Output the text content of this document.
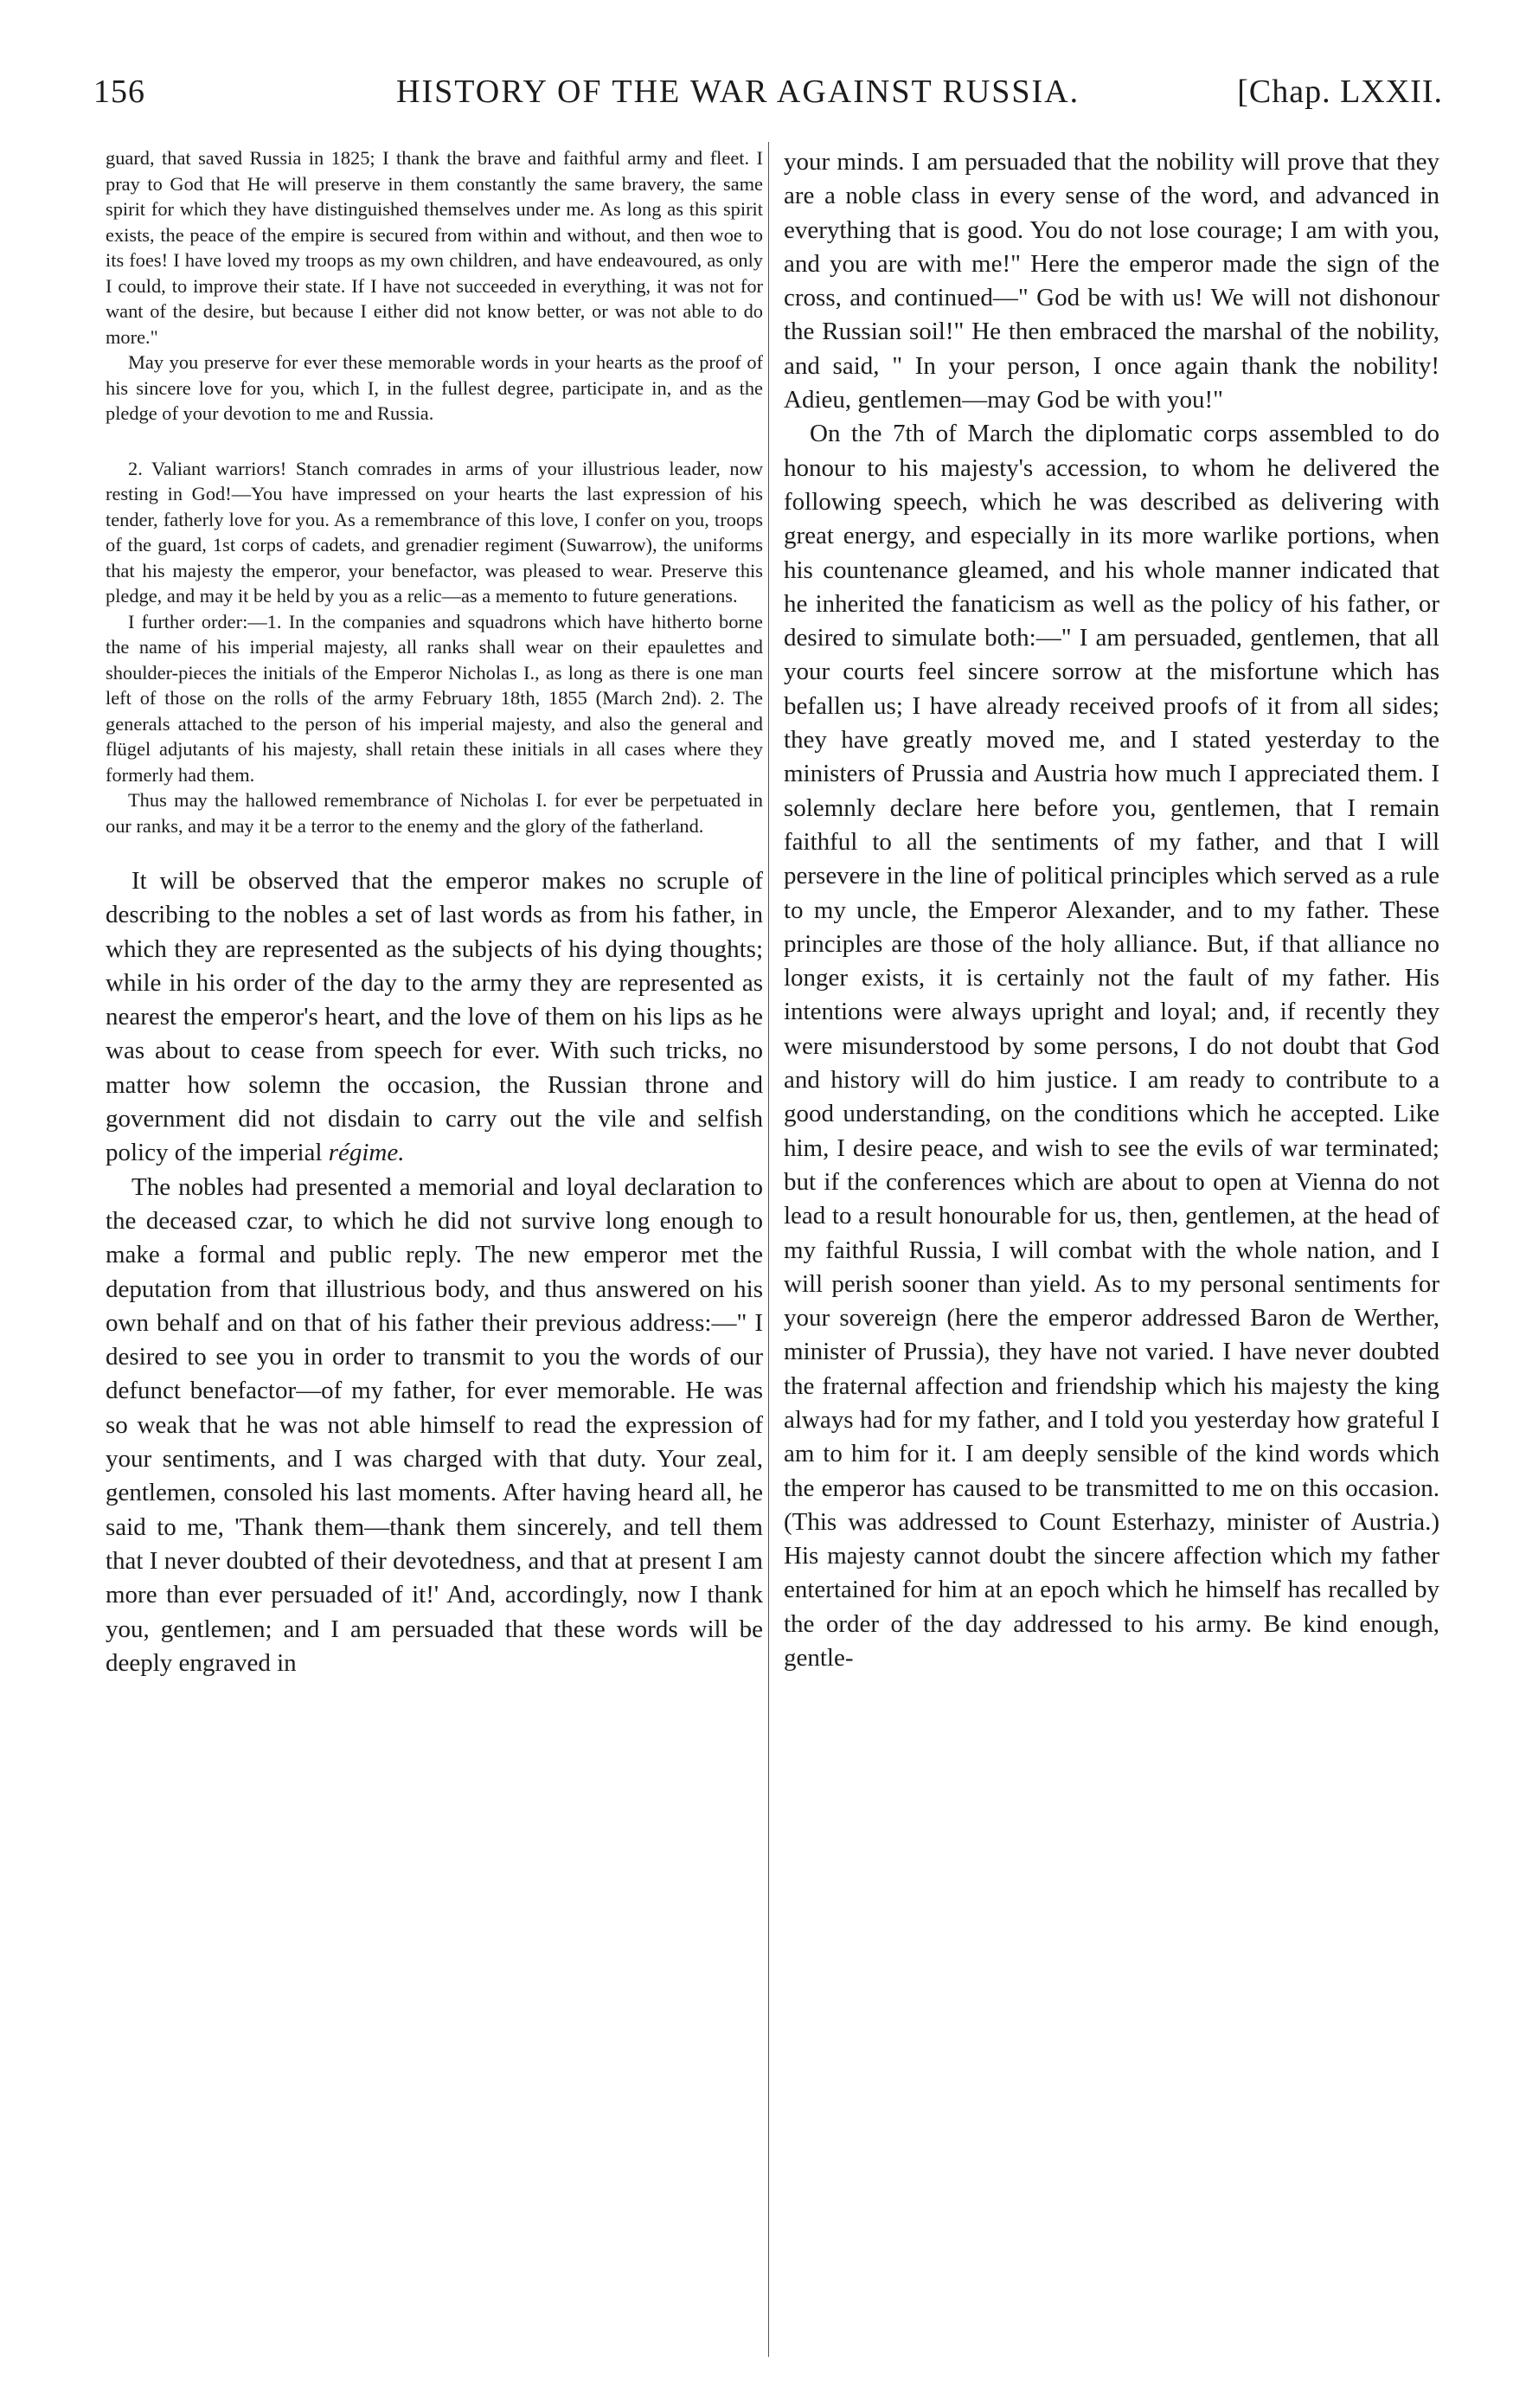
156	HISTORY OF THE WAR AGAINST RUSSIA.	[Chap. LXXII.

guard, that saved Russia in 1825; I thank the brave and faithful army and fleet. I pray to God that He will preserve in them constantly the same bravery, the same spirit for which they have distinguished themselves under me. As long as this spirit exists, the peace of the empire is secured from within and without, and then woe to its foes! I have loved my troops as my own children, and have endeavoured, as only I could, to improve their state. If I have not succeeded in everything, it was not for want of the desire, but because I either did not know better, or was not able to do more."

May you preserve for ever these memorable words in your hearts as the proof of his sincere love for you, which I, in the fullest degree, participate in, and as the pledge of your devotion to me and Russia.

2. Valiant warriors! Stanch comrades in arms of your illustrious leader, now resting in God!—You have impressed on your hearts the last expression of his tender, fatherly love for you. As a remembrance of this love, I confer on you, troops of the guard, 1st corps of cadets, and grenadier regiment (Suwarrow), the uniforms that his majesty the emperor, your benefactor, was pleased to wear. Preserve this pledge, and may it be held by you as a relic—as a memento to future generations.

I further order:—1. In the companies and squadrons which have hitherto borne the name of his imperial majesty, all ranks shall wear on their epaulettes and shoulder-pieces the initials of the Emperor Nicholas I., as long as there is one man left of those on the rolls of the army February 18th, 1855 (March 2nd). 2. The generals attached to the person of his imperial majesty, and also the general and flügel adjutants of his majesty, shall retain these initials in all cases where they formerly had them.

Thus may the hallowed remembrance of Nicholas I. for ever be perpetuated in our ranks, and may it be a terror to the enemy and the glory of the fatherland.

It will be observed that the emperor makes no scruple of describing to the nobles a set of last words as from his father, in which they are represented as the subjects of his dying thoughts; while in his order of the day to the army they are represented as nearest the emperor's heart, and the love of them on his lips as he was about to cease from speech for ever. With such tricks, no matter how solemn the occasion, the Russian throne and government did not disdain to carry out the vile and selfish policy of the imperial régime.

The nobles had presented a memorial and loyal declaration to the deceased czar, to which he did not survive long enough to make a formal and public reply. The new emperor met the deputation from that illustrious body, and thus answered on his own behalf and on that of his father their previous address:—" I desired to see you in order to transmit to you the words of our defunct benefactor—of my father, for ever memorable. He was so weak that he was not able himself to read the expression of your sentiments, and I was charged with that duty. Your zeal, gentlemen, consoled his last moments. After having heard all, he said to me, 'Thank them—thank them sincerely, and tell them that I never doubted of their devotedness, and that at present I am more than ever persuaded of it!' And, accordingly, now I thank you, gentlemen; and I am persuaded that these words will be deeply engraved in

your minds. I am persuaded that the nobility will prove that they are a noble class in every sense of the word, and advanced in everything that is good. You do not lose courage; I am with you, and you are with me!" Here the emperor made the sign of the cross, and continued—" God be with us! We will not dishonour the Russian soil!" He then embraced the marshal of the nobility, and said, " In your person, I once again thank the nobility! Adieu, gentlemen—may God be with you!"

On the 7th of March the diplomatic corps assembled to do honour to his majesty's accession, to whom he delivered the following speech, which he was described as delivering with great energy, and especially in its more warlike portions, when his countenance gleamed, and his whole manner indicated that he inherited the fanaticism as well as the policy of his father, or desired to simulate both:—" I am persuaded, gentlemen, that all your courts feel sincere sorrow at the misfortune which has befallen us; I have already received proofs of it from all sides; they have greatly moved me, and I stated yesterday to the ministers of Prussia and Austria how much I appreciated them. I solemnly declare here before you, gentlemen, that I remain faithful to all the sentiments of my father, and that I will persevere in the line of political principles which served as a rule to my uncle, the Emperor Alexander, and to my father. These principles are those of the holy alliance. But, if that alliance no longer exists, it is certainly not the fault of my father. His intentions were always upright and loyal; and, if recently they were misunderstood by some persons, I do not doubt that God and history will do him justice. I am ready to contribute to a good understanding, on the conditions which he accepted. Like him, I desire peace, and wish to see the evils of war terminated; but if the conferences which are about to open at Vienna do not lead to a result honourable for us, then, gentlemen, at the head of my faithful Russia, I will combat with the whole nation, and I will perish sooner than yield. As to my personal sentiments for your sovereign (here the emperor addressed Baron de Werther, minister of Prussia), they have not varied. I have never doubted the fraternal affection and friendship which his majesty the king always had for my father, and I told you yesterday how grateful I am to him for it. I am deeply sensible of the kind words which the emperor has caused to be transmitted to me on this occasion. (This was addressed to Count Esterhazy, minister of Austria.) His majesty cannot doubt the sincere affection which my father entertained for him at an epoch which he himself has recalled by the order of the day addressed to his army. Be kind enough, gentle-
